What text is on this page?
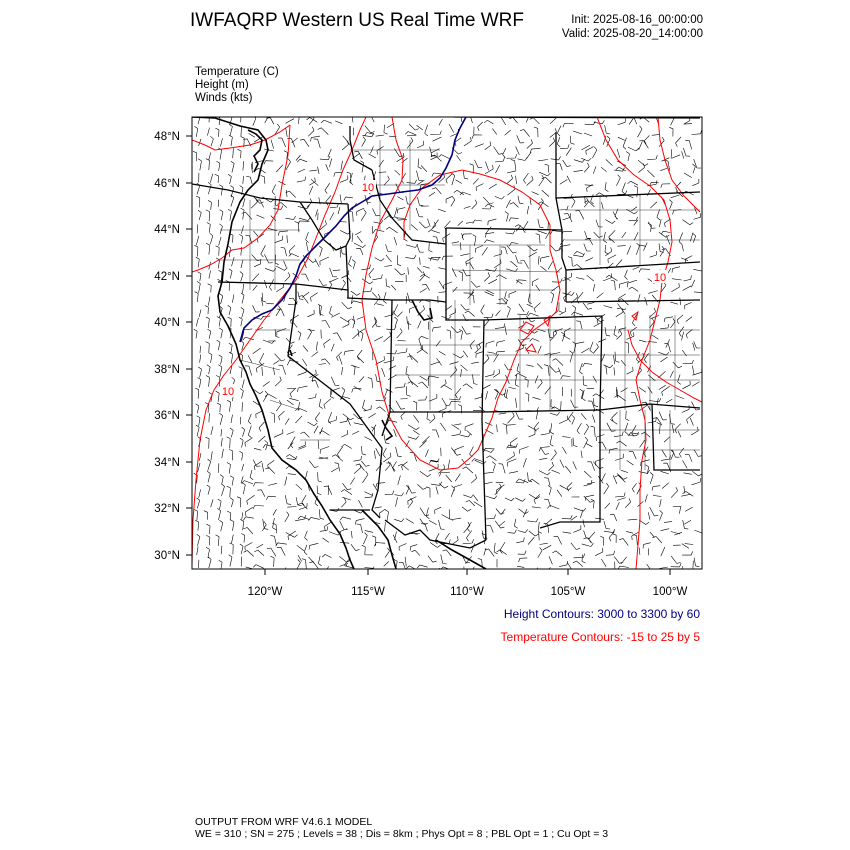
IWFAQRP Western US Real Time WRF	Init: 2025-08-16_00:00:00
Valid: 2025-08-20_14:00:00
Temperature (C)
Height (m)
Winds (kts)
48°N
46°N
44°N
42°N
40°N
38°N
36°N
34°N
32°N
30°N
120°W	115°W	110°W	105°W	100°W
10
10
10
Height Contours: 3000 to 3300 by 60
Temperature Contours: -15 to 25 by 5
OUTPUT FROM WRF V4.6.1 MODEL
WE = 310 ; SN = 275 ; Levels = 38 ; Dis = 8km ; Phys Opt = 8 ; PBL Opt = 1 ; Cu Opt = 3
